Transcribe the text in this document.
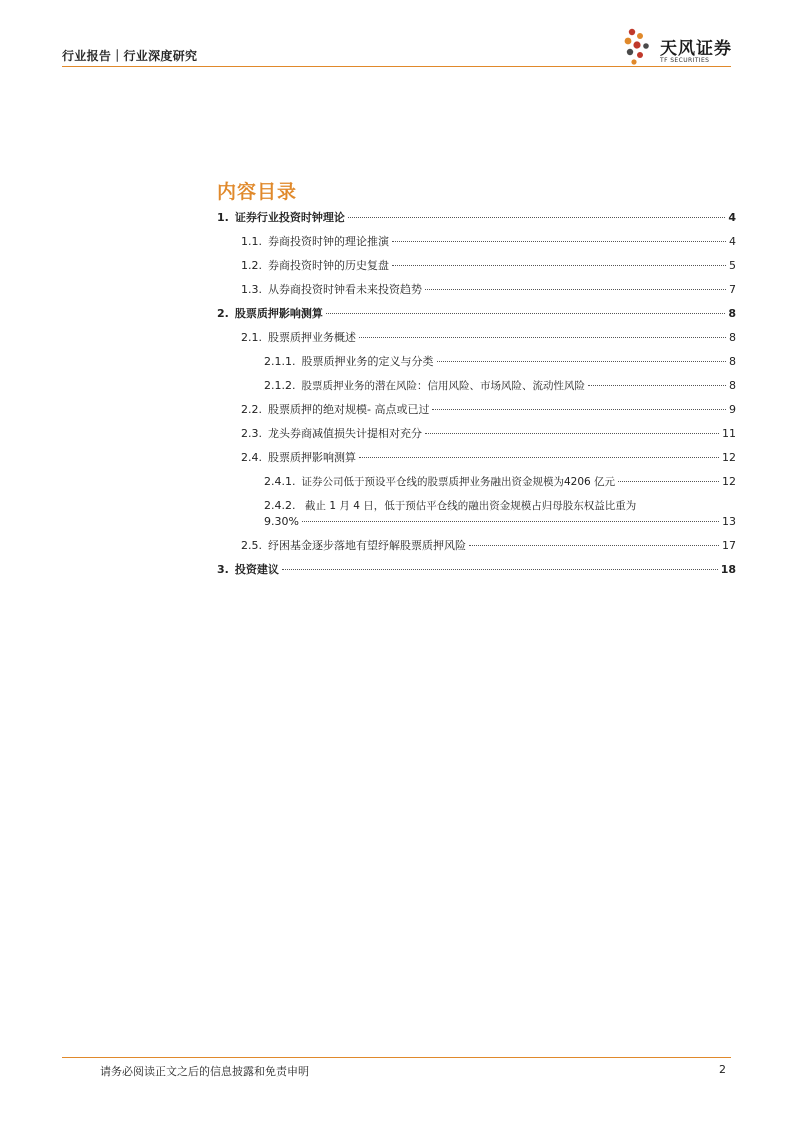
行业报告｜行业深度研究	天风证券
TF SECURITIES
内容目录
1. 证券行业投资时钟理论	4
1.1. 券商投资时钟的理论推演	4
1.2. 券商投资时钟的历史复盘	5
1.3. 从券商投资时钟看未来投资趋势	7
2. 股票质押影响测算	8
2.1. 股票质押业务概述	8
2.1.1. 股票质押业务的定义与分类	8
2.1.2. 股票质押业务的潜在风险：信用风险、市场风险、流动性风险	8
2.2. 股票质押的绝对规模- 高点或已过	9
2.3. 龙头券商减值损失计提相对充分	11
2.4. 股票质押影响测算	12
2.4.1. 证券公司低于预设平仓线的股票质押业务融出资金规模为4206 亿元	12
2.4.2. 截止 1 月 4 日，低于预估平仓线的融出资金规模占归母股东权益比重为
9.30%	13
2.5. 纾困基金逐步落地有望纾解股票质押风险	17
3. 投资建议	18
请务必阅读正文之后的信息披露和免责申明	2
